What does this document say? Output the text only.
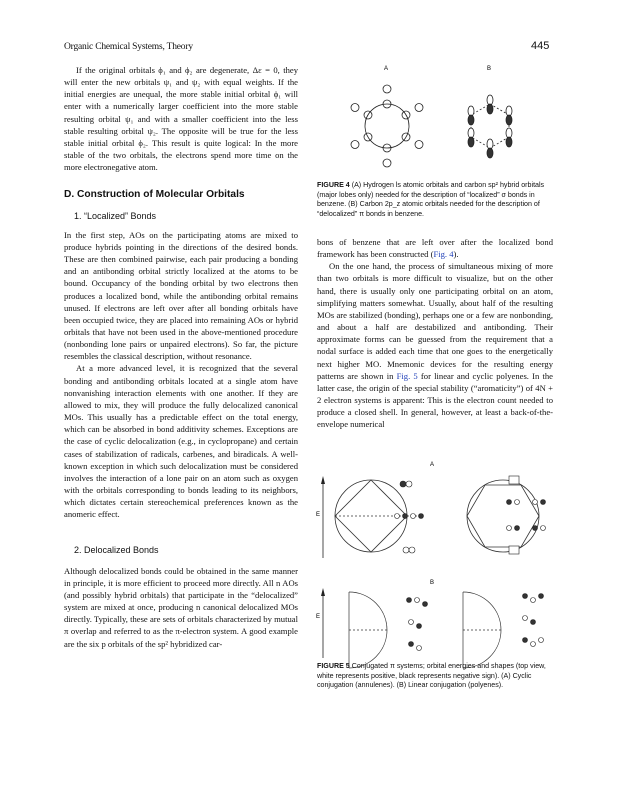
Organic Chemical Systems, Theory	445

If the original orbitals ϕ₁ and ϕ₂ are degenerate, Δε = 0, they will enter the new orbitals ψ₁ and ψ₂ with equal weights. If the initial energies are unequal, the more stable initial orbital ϕ₁ will enter with a numerically larger coefficient into the more stable resulting orbital ψ₁ and with a smaller coefficient into the less stable resulting orbital ψ₂. The opposite will be true for the less stable initial orbital ϕ₂. This result is quite logical: In the more stable of the two orbitals, the electrons spend more time on the more electronegative atom.

D. Construction of Molecular Orbitals

1. “Localized” Bonds

In the first step, AOs on the participating atoms are mixed to produce hybrids pointing in the directions of the desired bonds. These are then combined pairwise, each pair producing a bonding and an antibonding orbital strictly localized at the atoms to be bound. Occupancy of the bonding orbital by two electrons then produces a localized bond, while the antibonding orbital remains unused. If electrons are left over after all bonding orbitals have been occupied twice, they are placed into remaining AOs or hybrid orbitals that have not been used in the above-mentioned procedure (nonbonding lone pairs or unpaired electrons). So far, the picture resembles the classical description, without resonance.

At a more advanced level, it is recognized that the several bonding and antibonding orbitals located at a single atom have nonvanishing interaction elements with one another. If they are allowed to mix, they will produce the fully delocalized canonical MOs. This usually has a predictable effect on the total energy, which can be absorbed in bond additivity schemes. Exceptions are the case of cyclic delocalization (e.g., in cyclopropane) and certain cases of stabilization of radicals, carbenes, and biradicals. A well-known exception in which such delocalization must be considered involves the interaction of a lone pair on an atom such as oxygen with the orbitals corresponding to bonds leading to its neighbors, which dictates certain stereochemical preferences known as the anomeric effect.

2. Delocalized Bonds

Although delocalized bonds could be obtained in the same manner in principle, it is more efficient to proceed more directly. All n AOs (and possibly hybrid orbitals) that participate in the “delocalized” system are mixed at once, producing n canonical delocalized MOs directly. Typically, these are sets of orbitals characterized by mutual π overlap and referred to as the π-electron system. A good example are the six p orbitals of the sp² hybridized car-

A	B
FIGURE 4 (A) Hydrogen ls atomic orbitals and carbon sp² hybrid orbitals (major lobes only) needed for the description of “localized” σ bonds in benzene. (B) Carbon 2p_z atomic orbitals needed for the description of “delocalized” π bonds in benzene.

bons of benzene that are left over after the localized bond framework has been constructed (Fig. 4).

On the one hand, the process of simultaneous mixing of more than two orbitals is more difficult to visualize, but on the other hand, there is usually only one participating orbital on an atom, simplifying matters somewhat. Usually, about half of the resulting MOs are stabilized (bonding), perhaps one or a few are nonbonding, and about a half are destabilized and antibonding. Their approximate forms can be guessed from the requirement that a nodal surface is added each time that one goes to the energetically next higher MO. Mnemonic devices for the resulting energy patterns are shown in Fig. 5 for linear and cyclic polyenes. In the latter case, the origin of the special stability (“aromaticity”) of 4N + 2 electron systems is apparent: This is the electron count needed to produce a closed shell. In general, however, at least a back-of-the-envelope numerical

A
E
B
E
FIGURE 5 Conjugated π systems; orbital energies and shapes (top view, white represents positive, black represents negative sign). (A) Cyclic conjugation (annulenes). (B) Linear conjugation (polyenes).
